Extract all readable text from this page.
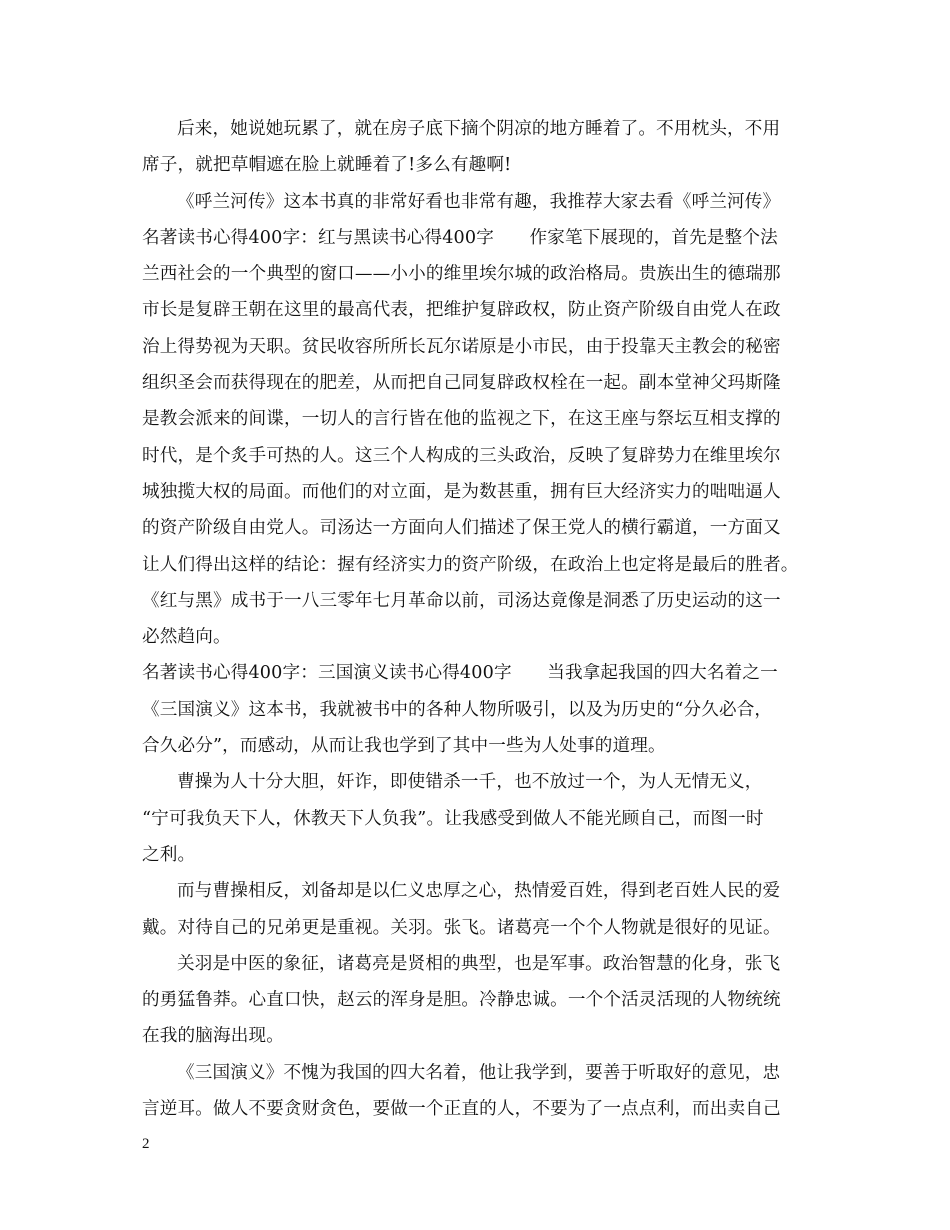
后来，她说她玩累了，就在房子底下摘个阴凉的地方睡着了。不用枕头，不用
席子，就把草帽遮在脸上就睡着了!多么有趣啊!
《呼兰河传》这本书真的非常好看也非常有趣，我推荐大家去看《呼兰河传》
名著读书心得400字：红与黑读书心得400字　　作家笔下展现的，首先是整个法
兰西社会的一个典型的窗口——小小的维里埃尔城的政治格局。贵族出生的德瑞那
市长是复辟王朝在这里的最高代表，把维护复辟政权，防止资产阶级自由党人在政
治上得势视为天职。贫民收容所所长瓦尔诺原是小市民，由于投靠天主教会的秘密
组织圣会而获得现在的肥差，从而把自己同复辟政权栓在一起。副本堂神父玛斯隆
是教会派来的间谍，一切人的言行皆在他的监视之下，在这王座与祭坛互相支撑的
时代，是个炙手可热的人。这三个人构成的三头政治，反映了复辟势力在维里埃尔
城独揽大权的局面。而他们的对立面，是为数甚重，拥有巨大经济实力的咄咄逼人
的资产阶级自由党人。司汤达一方面向人们描述了保王党人的横行霸道，一方面又
让人们得出这样的结论：握有经济实力的资产阶级，在政治上也定将是最后的胜者。
《红与黑》成书于一八三零年七月革命以前，司汤达竟像是洞悉了历史运动的这一
必然趋向。
名著读书心得400字：三国演义读书心得400字　　当我拿起我国的四大名着之一
《三国演义》这本书，我就被书中的各种人物所吸引，以及为历史的“分久必合，
合久必分”，而感动，从而让我也学到了其中一些为人处事的道理。
曹操为人十分大胆，奸诈，即使错杀一千，也不放过一个，为人无情无义，
“宁可我负天下人，休教天下人负我”。让我感受到做人不能光顾自己，而图一时
之利。
而与曹操相反，刘备却是以仁义忠厚之心，热情爱百姓，得到老百姓人民的爱
戴。对待自己的兄弟更是重视。关羽。张飞。诸葛亮一个个人物就是很好的见证。
关羽是中医的象征，诸葛亮是贤相的典型，也是军事。政治智慧的化身，张飞
的勇猛鲁莽。心直口快，赵云的浑身是胆。冷静忠诚。一个个活灵活现的人物统统
在我的脑海出现。
《三国演义》不愧为我国的四大名着，他让我学到，要善于听取好的意见，忠
言逆耳。做人不要贪财贪色，要做一个正直的人，不要为了一点点利，而出卖自己
2
